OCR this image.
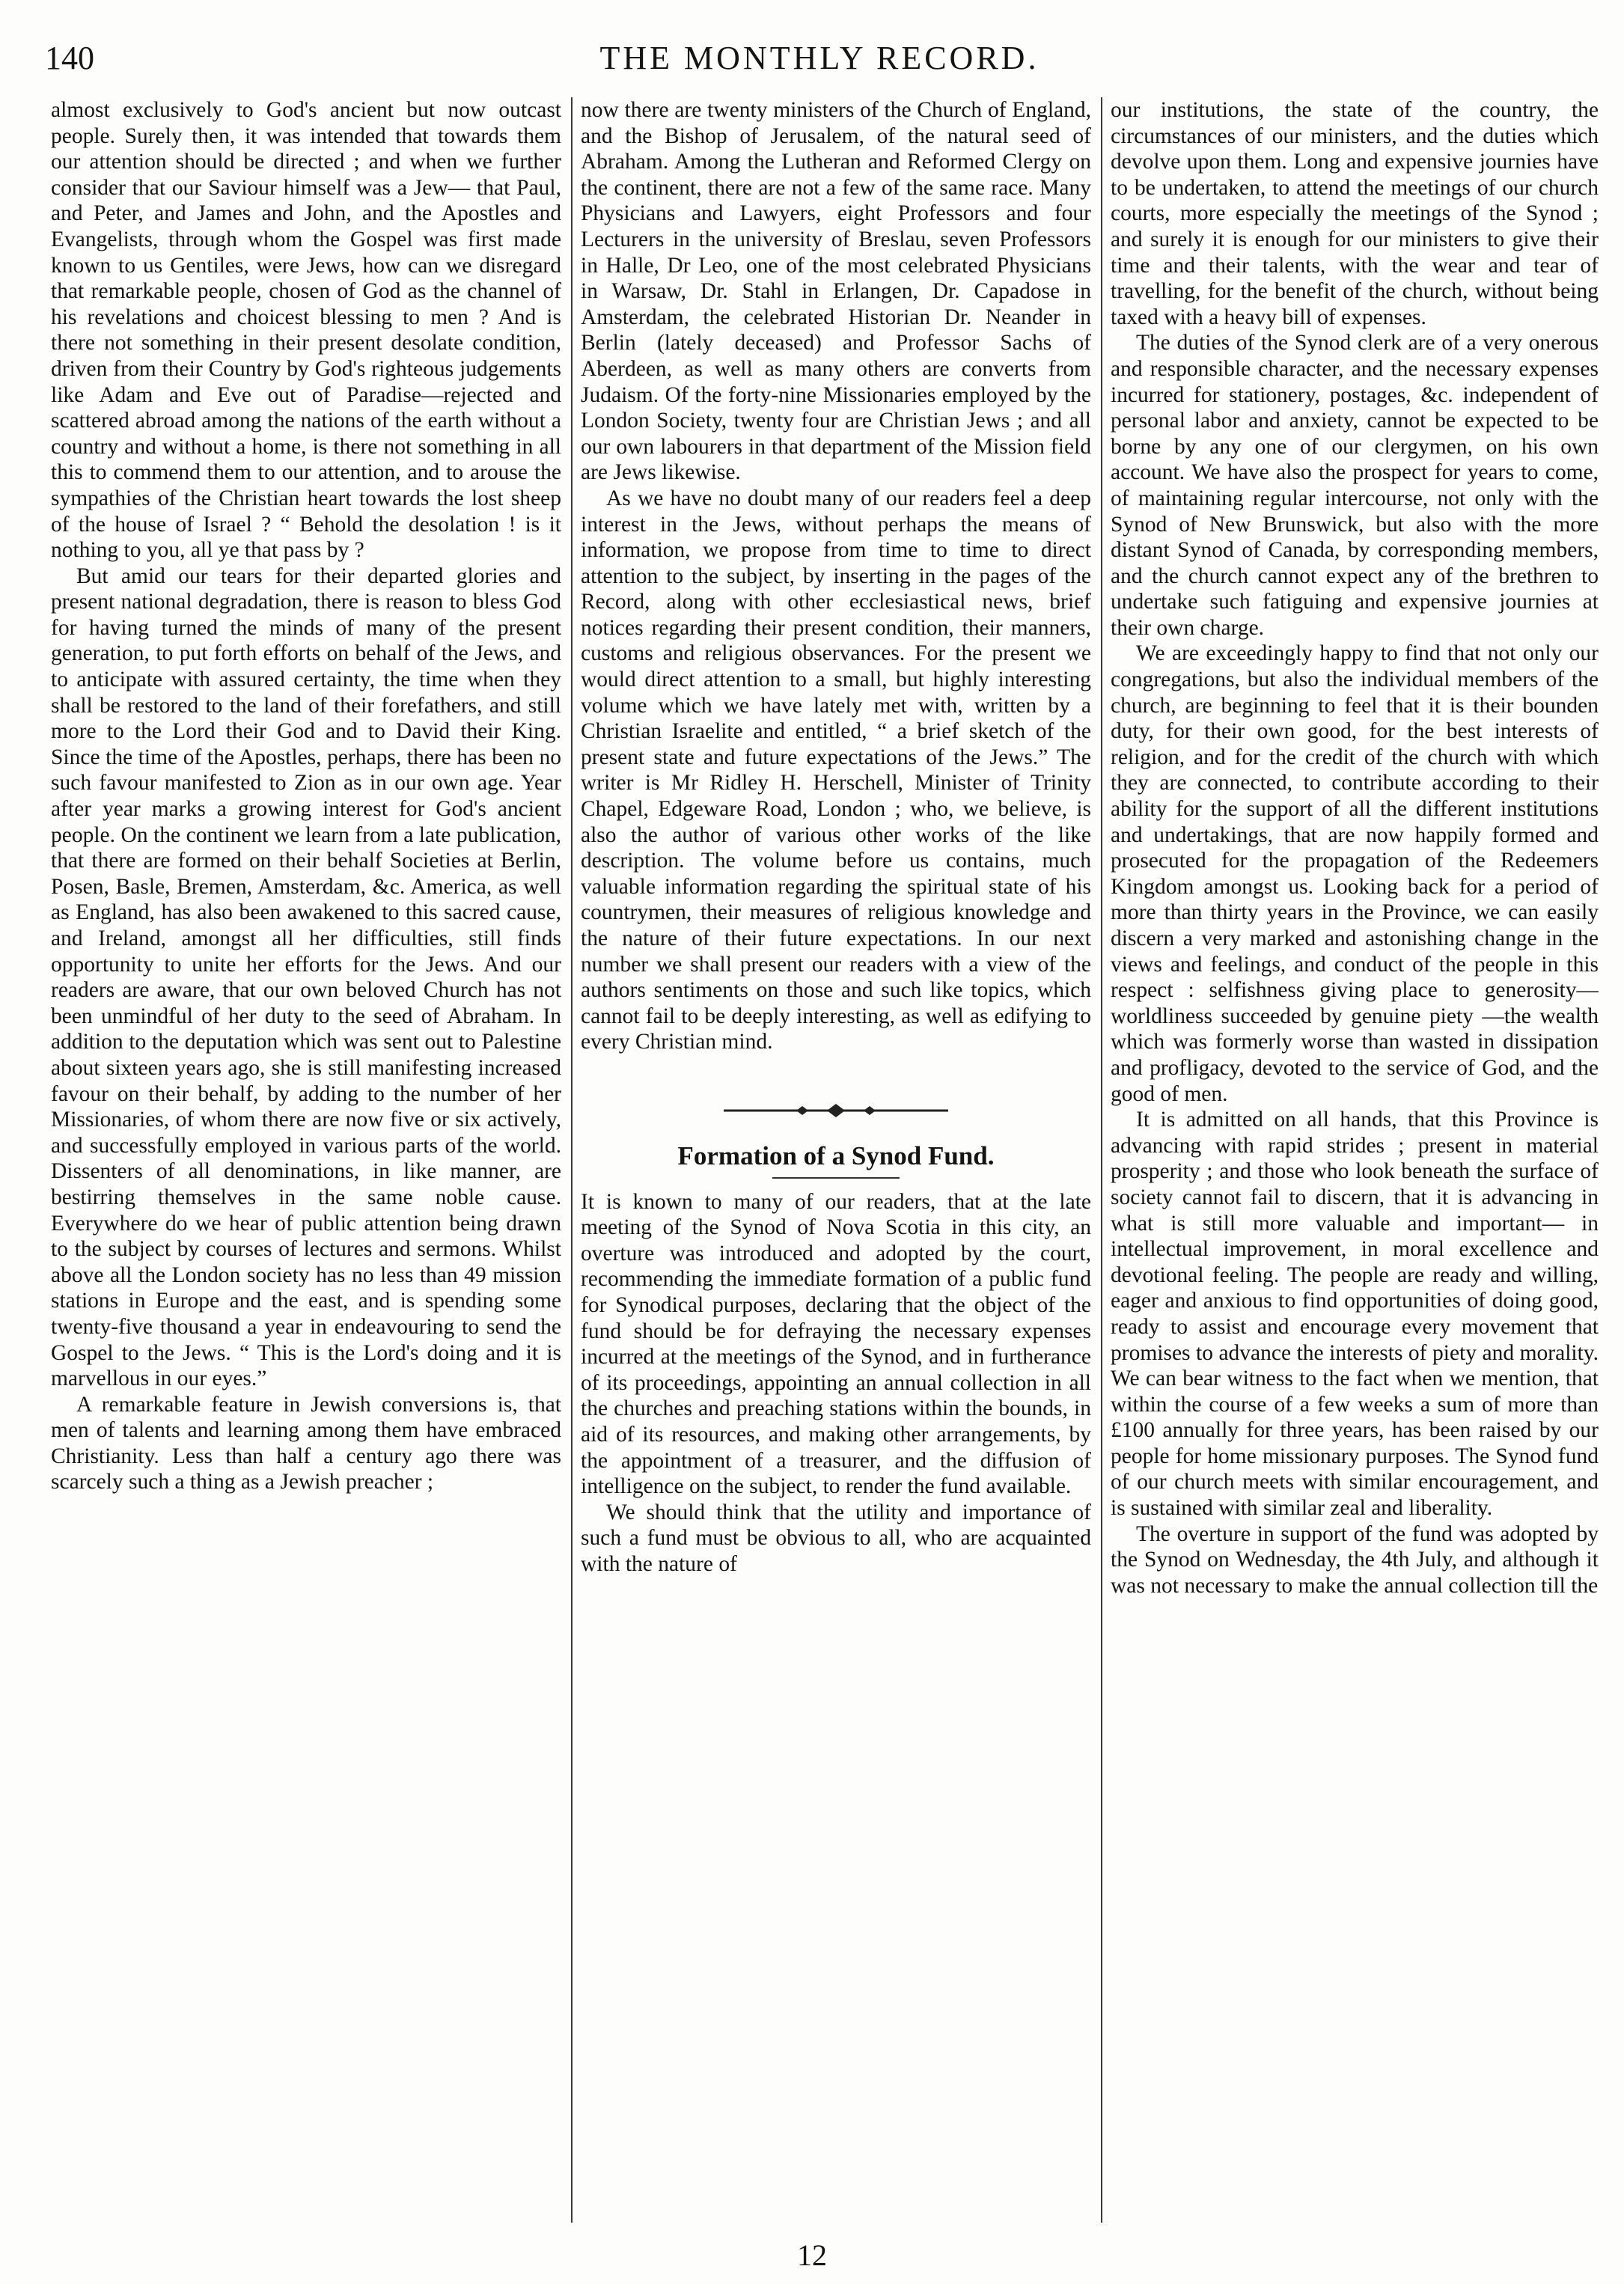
140	THE MONTHLY RECORD.

almost exclusively to God's ancient but now outcast people. Surely then, it was intended that towards them our attention should be directed ; and when we further consider that our Saviour himself was a Jew— that Paul, and Peter, and James and John, and the Apostles and Evangelists, through whom the Gospel was first made known to us Gentiles, were Jews, how can we disregard that remarkable people, chosen of God as the channel of his revelations and choicest blessing to men ? And is there not something in their present desolate condition, driven from their Country by God's righteous judgements like Adam and Eve out of Paradise—rejected and scattered abroad among the nations of the earth without a country and without a home, is there not something in all this to commend them to our attention, and to arouse the sympathies of the Christian heart towards the lost sheep of the house of Israel ? “ Behold the desolation ! is it nothing to you, all ye that pass by ?

But amid our tears for their departed glories and present national degradation, there is reason to bless God for having turned the minds of many of the present generation, to put forth efforts on behalf of the Jews, and to anticipate with assured certainty, the time when they shall be restored to the land of their forefathers, and still more to the Lord their God and to David their King. Since the time of the Apostles, perhaps, there has been no such favour manifested to Zion as in our own age. Year after year marks a growing interest for God's ancient people. On the continent we learn from a late publication, that there are formed on their behalf Societies at Berlin, Posen, Basle, Bremen, Amsterdam, &c. America, as well as England, has also been awakened to this sacred cause, and Ireland, amongst all her difficulties, still finds opportunity to unite her efforts for the Jews. And our readers are aware, that our own beloved Church has not been unmindful of her duty to the seed of Abraham. In addition to the deputation which was sent out to Palestine about sixteen years ago, she is still manifesting increased favour on their behalf, by adding to the number of her Missionaries, of whom there are now five or six actively, and successfully employed in various parts of the world. Dissenters of all denominations, in like manner, are bestirring themselves in the same noble cause. Everywhere do we hear of public attention being drawn to the subject by courses of lectures and sermons. Whilst above all the London society has no less than 49 mission stations in Europe and the east, and is spending some twenty-five thousand a year in endeavouring to send the Gospel to the Jews. “ This is the Lord's doing and it is marvellous in our eyes.”

A remarkable feature in Jewish conversions is, that men of talents and learning among them have embraced Christianity. Less than half a century ago there was scarcely such a thing as a Jewish preacher ;

now there are twenty ministers of the Church of England, and the Bishop of Jerusalem, of the natural seed of Abraham. Among the Lutheran and Reformed Clergy on the continent, there are not a few of the same race. Many Physicians and Lawyers, eight Professors and four Lecturers in the university of Breslau, seven Professors in Halle, Dr Leo, one of the most celebrated Physicians in Warsaw, Dr. Stahl in Erlangen, Dr. Capadose in Amsterdam, the celebrated Historian Dr. Neander in Berlin (lately deceased) and Professor Sachs of Aberdeen, as well as many others are converts from Judaism. Of the forty-nine Missionaries employed by the London Society, twenty four are Christian Jews ; and all our own labourers in that department of the Mission field are Jews likewise.

As we have no doubt many of our readers feel a deep interest in the Jews, without perhaps the means of information, we propose from time to time to direct attention to the subject, by inserting in the pages of the Record, along with other ecclesiastical news, brief notices regarding their present condition, their manners, customs and religious observances. For the present we would direct attention to a small, but highly interesting volume which we have lately met with, written by a Christian Israelite and entitled, “ a brief sketch of the present state and future expectations of the Jews.” The writer is Mr Ridley H. Herschell, Minister of Trinity Chapel, Edgeware Road, London ; who, we believe, is also the author of various other works of the like description. The volume before us contains, much valuable information regarding the spiritual state of his countrymen, their measures of religious knowledge and the nature of their future expectations. In our next number we shall present our readers with a view of the authors sentiments on those and such like topics, which cannot fail to be deeply interesting, as well as edifying to every Christian mind.

Formation of a Synod Fund.

It is known to many of our readers, that at the late meeting of the Synod of Nova Scotia in this city, an overture was introduced and adopted by the court, recommending the immediate formation of a public fund for Synodical purposes, declaring that the object of the fund should be for defraying the necessary expenses incurred at the meetings of the Synod, and in furtherance of its proceedings, appointing an annual collection in all the churches and preaching stations within the bounds, in aid of its resources, and making other arrangements, by the appointment of a treasurer, and the diffusion of intelligence on the subject, to render the fund available.

We should think that the utility and importance of such a fund must be obvious to all, who are acquainted with the nature of

our institutions, the state of the country, the circumstances of our ministers, and the duties which devolve upon them. Long and expensive journies have to be undertaken, to attend the meetings of our church courts, more especially the meetings of the Synod ; and surely it is enough for our ministers to give their time and their talents, with the wear and tear of travelling, for the benefit of the church, without being taxed with a heavy bill of expenses.

The duties of the Synod clerk are of a very onerous and responsible character, and the necessary expenses incurred for stationery, postages, &c. independent of personal labor and anxiety, cannot be expected to be borne by any one of our clergymen, on his own account. We have also the prospect for years to come, of maintaining regular intercourse, not only with the Synod of New Brunswick, but also with the more distant Synod of Canada, by corresponding members, and the church cannot expect any of the brethren to undertake such fatiguing and expensive journies at their own charge.

We are exceedingly happy to find that not only our congregations, but also the individual members of the church, are beginning to feel that it is their bounden duty, for their own good, for the best interests of religion, and for the credit of the church with which they are connected, to contribute according to their ability for the support of all the different institutions and undertakings, that are now happily formed and prosecuted for the propagation of the Redeemers Kingdom amongst us. Looking back for a period of more than thirty years in the Province, we can easily discern a very marked and astonishing change in the views and feelings, and conduct of the people in this respect : selfishness giving place to generosity—worldliness succeeded by genuine piety —the wealth which was formerly worse than wasted in dissipation and profligacy, devoted to the service of God, and the good of men.

It is admitted on all hands, that this Province is advancing with rapid strides ; present in material prosperity ; and those who look beneath the surface of society cannot fail to discern, that it is advancing in what is still more valuable and important— in intellectual improvement, in moral excellence and devotional feeling. The people are ready and willing, eager and anxious to find opportunities of doing good, ready to assist and encourage every movement that promises to advance the interests of piety and morality. We can bear witness to the fact when we mention, that within the course of a few weeks a sum of more than £100 annually for three years, has been raised by our people for home missionary purposes. The Synod fund of our church meets with similar encouragement, and is sustained with similar zeal and liberality.

The overture in support of the fund was adopted by the Synod on Wednesday, the 4th July, and although it was not necessary to make the annual collection till the

12
